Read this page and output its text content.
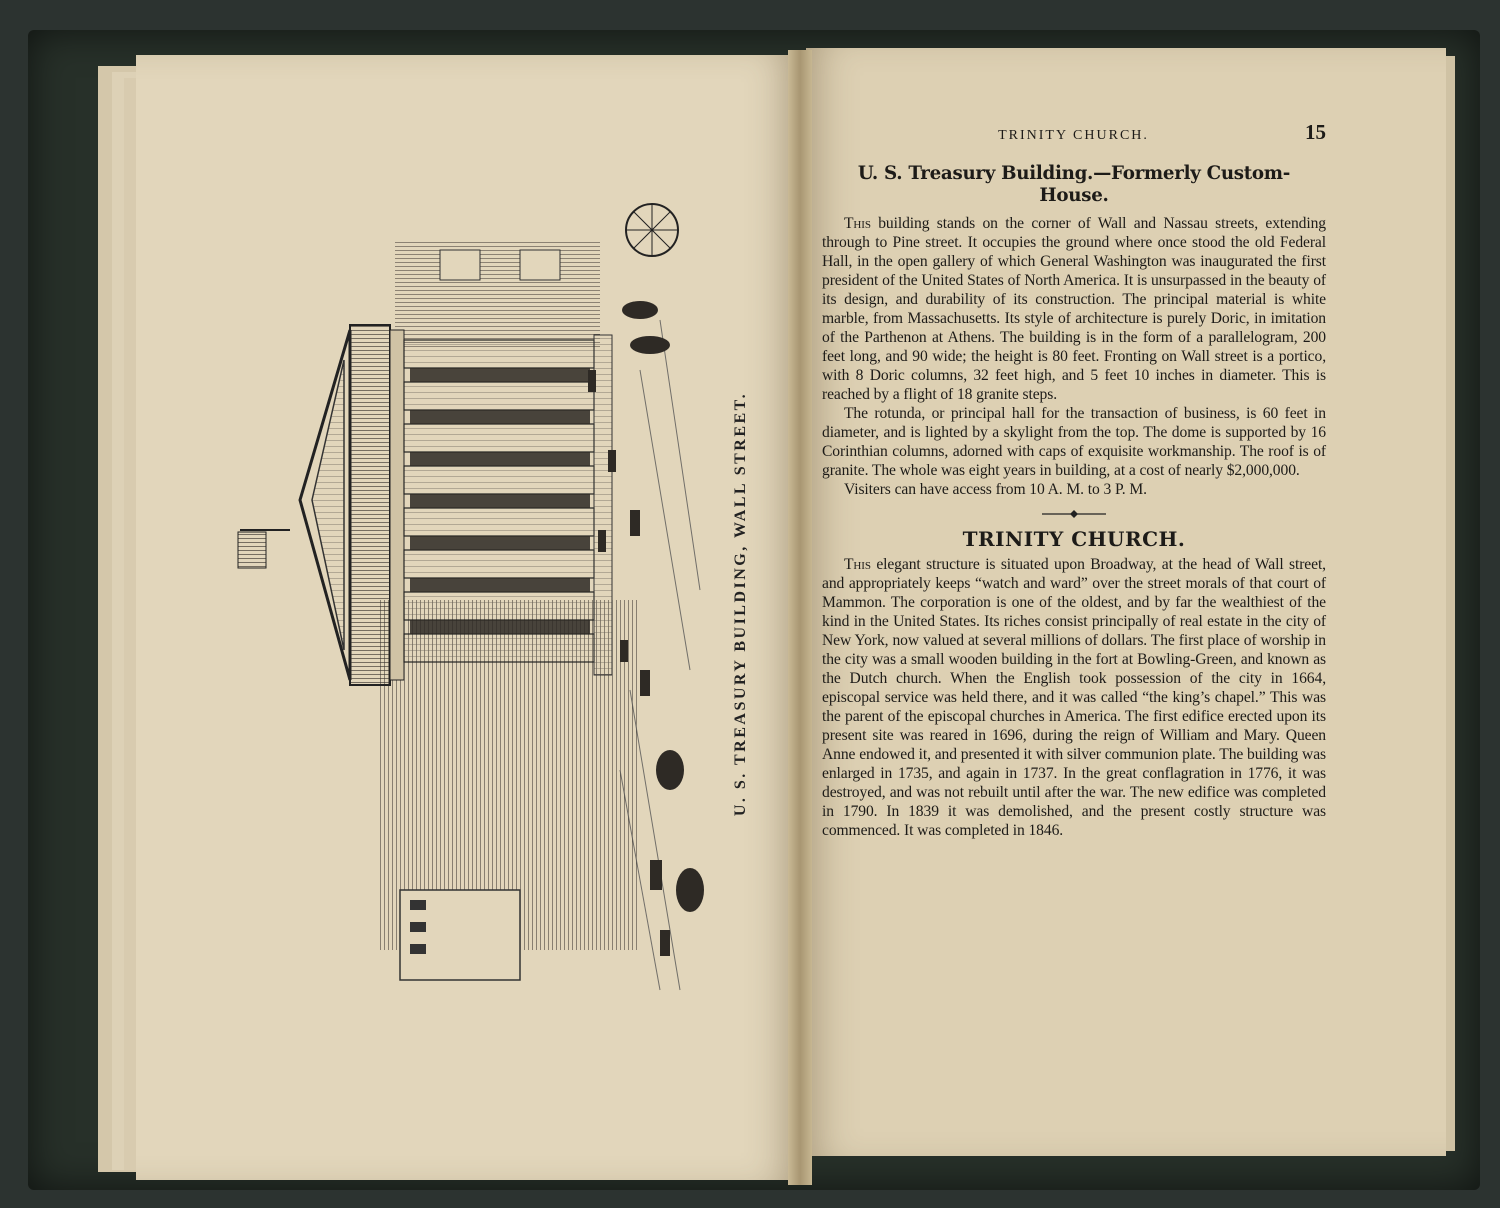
U. S. TREASURY BUILDING, WALL STREET.
TRINITY CHURCH.	15
U. S. Treasury Building.—Formerly Custom-House.

This building stands on the corner of Wall and Nassau streets, extending through to Pine street. It occupies the ground where once stood the old Federal Hall, in the open gallery of which General Washington was inaugurated the first president of the United States of North America. It is unsurpassed in the beauty of its design, and durability of its construction. The principal material is white marble, from Massachusetts. Its style of architecture is purely Doric, in imitation of the Parthenon at Athens. The building is in the form of a parallelogram, 200 feet long, and 90 wide; the height is 80 feet. Fronting on Wall street is a portico, with 8 Doric columns, 32 feet high, and 5 feet 10 inches in diameter. This is reached by a flight of 18 granite steps.

The rotunda, or principal hall for the transaction of business, is 60 feet in diameter, and is lighted by a skylight from the top. The dome is supported by 16 Corinthian columns, adorned with caps of exquisite workmanship. The roof is of granite. The whole was eight years in building, at a cost of nearly $2,000,000.

Visiters can have access from 10 A. M. to 3 P. M.

TRINITY CHURCH.

This elegant structure is situated upon Broadway, at the head of Wall street, and appropriately keeps “watch and ward” over the street morals of that court of Mammon. The corporation is one of the oldest, and by far the wealthiest of the kind in the United States. Its riches consist principally of real estate in the city of New York, now valued at several millions of dollars. The first place of worship in the city was a small wooden building in the fort at Bowling-Green, and known as the Dutch church. When the English took possession of the city in 1664, episcopal service was held there, and it was called “the king’s chapel.” This was the parent of the episcopal churches in America. The first edifice erected upon its present site was reared in 1696, during the reign of William and Mary. Queen Anne endowed it, and presented it with silver communion plate. The building was enlarged in 1735, and again in 1737. In the great conflagration in 1776, it was destroyed, and was not rebuilt until after the war. The new edifice was completed in 1790. In 1839 it was demolished, and the present costly structure was commenced. It was completed in 1846.
